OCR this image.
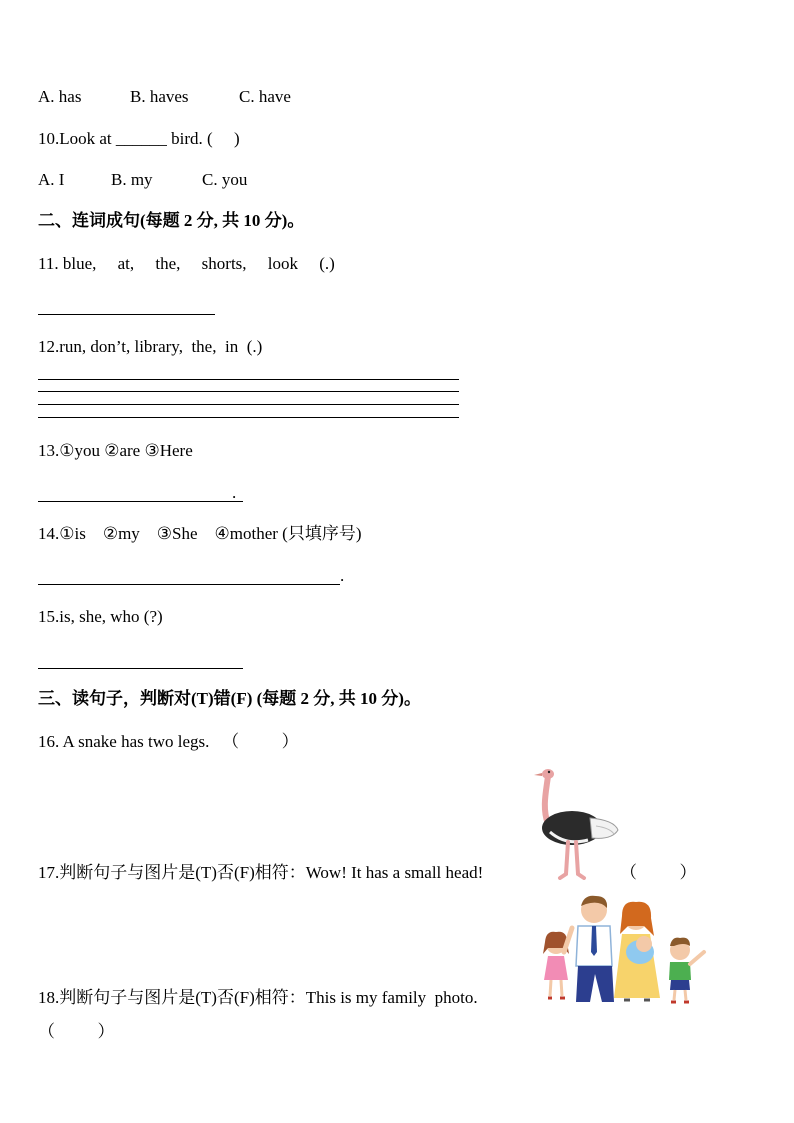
A. has	B. haves	C. have
10.Look at ______ bird. (     )
A. I	B. my	C. you
二、连词成句(每题 2 分, 共 10 分)。
11. blue,     at,     the,     shorts,     look     (.)
12.run, don’t, library,  the,  in  (.)
13.①you ②are ③Here
.
14.①is    ②my    ③She    ④mother (只填序号)
.
15.is, she, who (?)
三、读句子，判断对(T)错(F) (每题 2 分, 共 10 分)。
16. A snake has two legs.   （          ）
17.判断句子与图片是(T)否(F)相符：Wow! It has a small head!	（          ）
18.判断句子与图片是(T)否(F)相符：This is my family  photo.
（          ）
